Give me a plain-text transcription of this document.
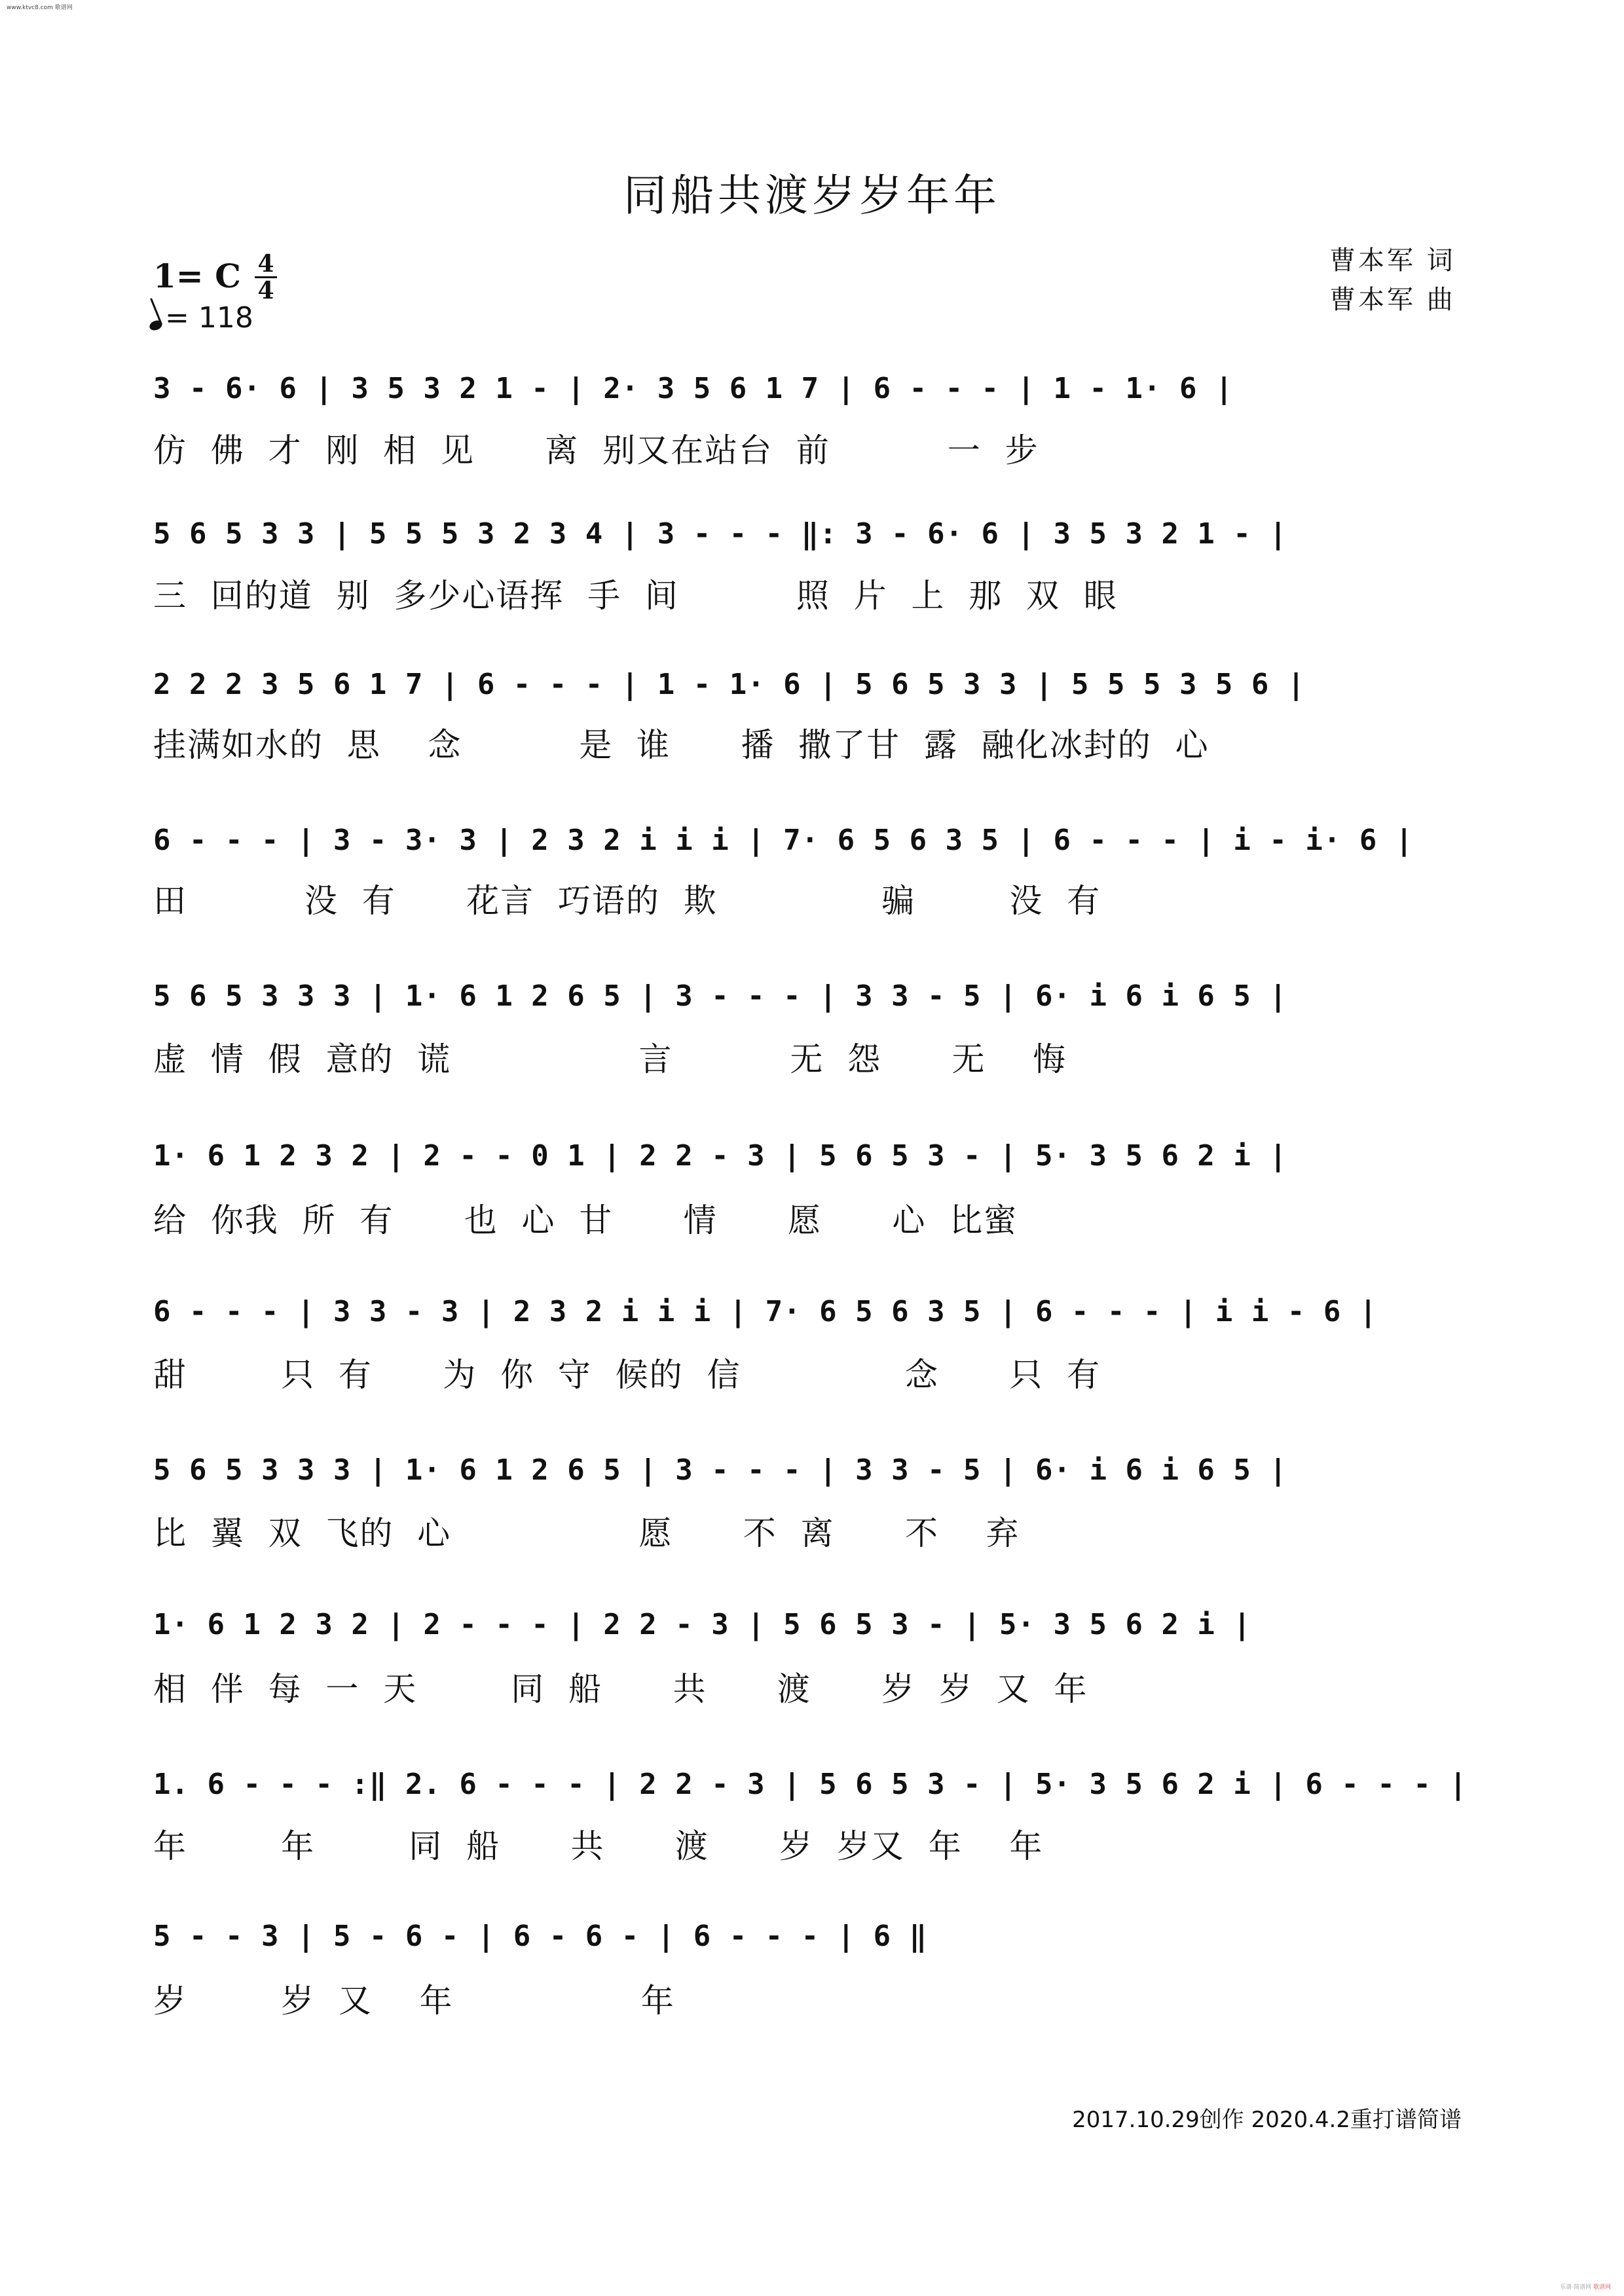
www.ktvc8.com 歌谱网
同船共渡岁岁年年
1= C 4
4
= 118
曹本军 词
曹本军 曲
3 - 6· 6 | 3 5 3 2 1 - | 2· 3 5 6 1 7 | 6 - - - | 1 - 1· 6 |
仿  佛  才  刚  相  见      离  别又在站台  前          一  步
5 6 5 3 3 | 5 5 5 3 2 3 4 | 3 - - - ‖: 3 - 6· 6 | 3 5 3 2 1 - |
三  回的道  别  多少心语挥  手  间          照  片  上  那  双  眼
2 2 2 3 5 6 1 7 | 6 - - - | 1 - 1· 6 | 5 6 5 3 3 | 5 5 5 3 5 6 |
挂满如水的  思    念          是  谁      播  撒了甘  露  融化冰封的  心
6 - - - | 3 - 3· 3 | 2 3 2 i i i | 7· 6 5 6 3 5 | 6 - - - | i - i· 6 |
田          没  有      花言  巧语的  欺              骗        没  有
5 6 5 3 3 3 | 1· 6 1 2 6 5 | 3 - - - | 3 3 - 5 | 6· i 6 i 6 5 |
虚  情  假  意的  谎                言          无  怨      无    悔
1· 6 1 2 3 2 | 2 - - 0 1 | 2 2 - 3 | 5 6 5 3 - | 5· 3 5 6 2 i |
给  你我  所  有      也  心  甘      情      愿      心  比蜜
6 - - - | 3 3 - 3 | 2 3 2 i i i | 7· 6 5 6 3 5 | 6 - - - | i i - 6 |
甜        只  有      为  你  守  候的  信              念      只  有
5 6 5 3 3 3 | 1· 6 1 2 6 5 | 3 - - - | 3 3 - 5 | 6· i 6 i 6 5 |
比  翼  双  飞的  心                愿      不  离      不    弃
1· 6 1 2 3 2 | 2 - - - | 2 2 - 3 | 5 6 5 3 - | 5· 3 5 6 2 i |
相  伴  每  一  天        同  船      共      渡      岁  岁  又  年
1. 6 - - - :‖ 2. 6 - - - | 2 2 - 3 | 5 6 5 3 - | 5· 3 5 6 2 i | 6 - - - |
年        年        同  船      共      渡      岁  岁又  年    年
5 - - 3 | 5 - 6 - | 6 - 6 - | 6 - - - | 6 ‖
岁        岁  又    年                年
2017.10.29创作 2020.4.2重打谱简谱
乐谱·简谱网 歌谱网
